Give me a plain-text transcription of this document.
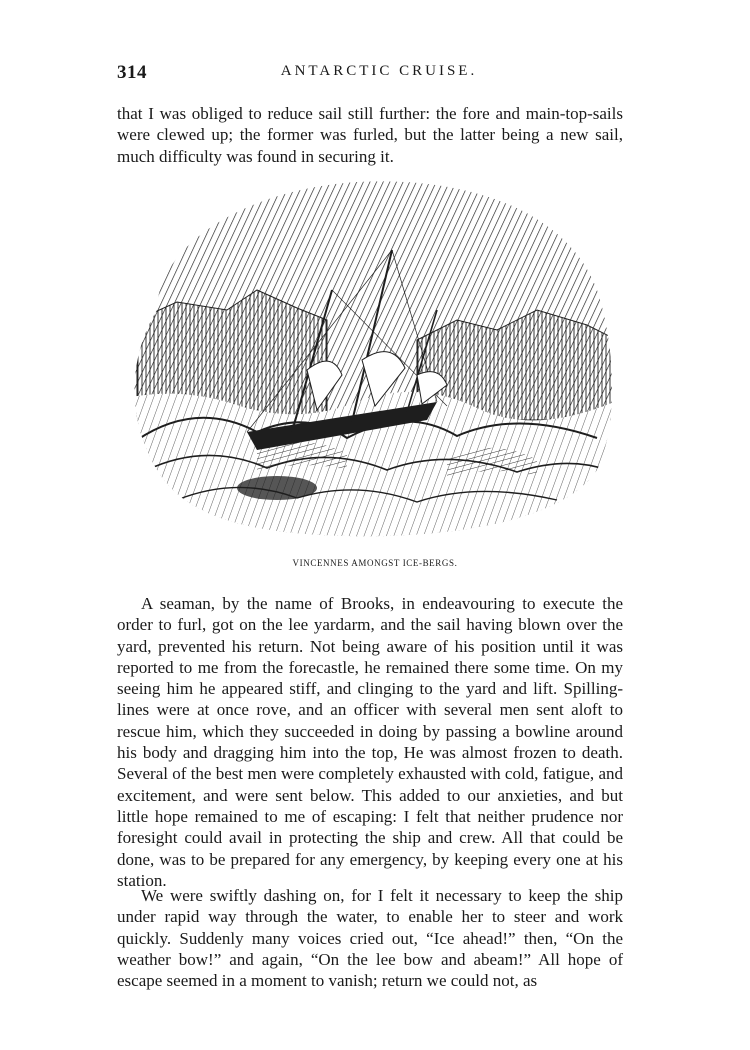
314	ANTARCTIC CRUISE.

that I was obliged to reduce sail still further: the fore and main-top-sails were clewed up; the former was furled, but the latter being a new sail, much difficulty was found in securing it.

VINCENNES AMONGST ICE-BERGS.

A seaman, by the name of Brooks, in endeavouring to execute the order to furl, got on the lee yardarm, and the sail having blown over the yard, prevented his return. Not being aware of his position until it was reported to me from the forecastle, he remained there some time. On my seeing him he appeared stiff, and clinging to the yard and lift. Spilling-lines were at once rove, and an officer with several men sent aloft to rescue him, which they succeeded in doing by passing a bowline around his body and dragging him into the top, He was almost frozen to death. Several of the best men were completely exhausted with cold, fatigue, and excitement, and were sent below. This added to our anxieties, and but little hope remained to me of escaping: I felt that neither prudence nor foresight could avail in protecting the ship and crew. All that could be done, was to be prepared for any emergency, by keeping every one at his station.

We were swiftly dashing on, for I felt it necessary to keep the ship under rapid way through the water, to enable her to steer and work quickly. Suddenly many voices cried out, “Ice ahead!” then, “On the weather bow!” and again, “On the lee bow and abeam!” All hope of escape seemed in a moment to vanish; return we could not, as
